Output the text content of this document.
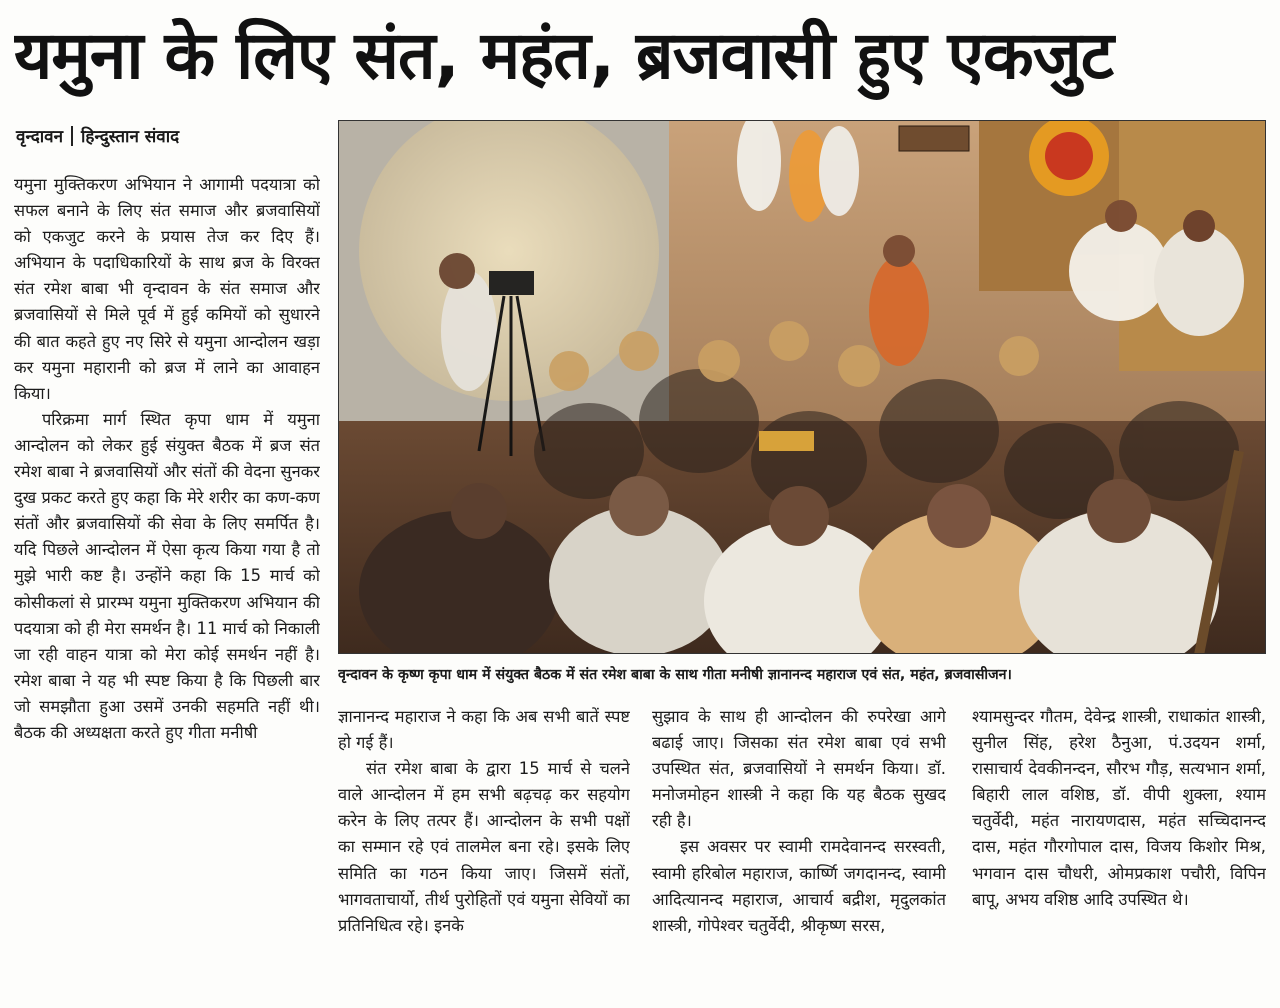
यमुना के लिए संत, महंत, ब्रजवासी हुए एकजुट
वृन्दावन हिन्दुस्तान संवाद

यमुना मुक्तिकरण अभियान ने आगामी पदयात्रा को सफल बनाने के लिए संत समाज और ब्रजवासियों को एकजुट करने के प्रयास तेज कर दिए हैं। अभियान के पदाधिकारियों के साथ ब्रज के विरक्त संत रमेश बाबा भी वृन्दावन के संत समाज और ब्रजवासियों से मिले पूर्व में हुई कमियों को सुधारने की बात कहते हुए नए सिरे से यमुना आन्दोलन खड़ा कर यमुना महारानी को ब्रज में लाने का आवाहन किया।

परिक्रमा मार्ग स्थित कृपा धाम में यमुना आन्दोलन को लेकर हुई संयुक्त बैठक में ब्रज संत रमेश बाबा ने ब्रजवासियों और संतों की वेदना सुनकर दुख प्रकट करते हुए कहा कि मेरे शरीर का कण-कण संतों और ब्रजवासियों की सेवा के लिए समर्पित है। यदि पिछले आन्दोलन में ऐसा कृत्य किया गया है तो मुझे भारी कष्ट है। उन्होंने कहा कि 15 मार्च को कोसीकलां से प्रारम्भ यमुना मुक्तिकरण अभियान की पदयात्रा को ही मेरा समर्थन है। 11 मार्च को निकाली जा रही वाहन यात्रा को मेरा कोई समर्थन नहीं है। रमेश बाबा ने यह भी स्पष्ट किया है कि पिछली बार जो समझौता हुआ उसमें उनकी सहमति नहीं थी। बैठक की अध्यक्षता करते हुए गीता मनीषी

वृन्दावन के कृष्ण कृपा धाम में संयुक्त बैठक में संत रमेश बाबा के साथ गीता मनीषी ज्ञानानन्द महाराज एवं संत, महंत, ब्रजवासीजन।

ज्ञानानन्द महाराज ने कहा कि अब सभी बातें स्पष्ट हो गई हैं।

संत रमेश बाबा के द्वारा 15 मार्च से चलने वाले आन्दोलन में हम सभी बढ़चढ़ कर सहयोग करेन के लिए तत्पर हैं। आन्दोलन के सभी पक्षों का सम्मान रहे एवं तालमेल बना रहे। इसके लिए समिति का गठन किया जाए। जिसमें संतों, भागवताचार्यो, तीर्थ पुरोहितों एवं यमुना सेवियों का प्रतिनिधित्व रहे। इनके

सुझाव के साथ ही आन्दोलन की रुपरेखा आगे बढाई जाए। जिसका संत रमेश बाबा एवं सभी उपस्थित संत, ब्रजवासियों ने समर्थन किया। डॉ. मनोजमोहन शास्त्री ने कहा कि यह बैठक सुखद रही है।

इस अवसर पर स्वामी रामदेवानन्द सरस्वती, स्वामी हरिबोल महाराज, कार्ष्णि जगदानन्द, स्वामी आदित्यानन्द महाराज, आचार्य बद्रीश, मृदुलकांत शास्त्री, गोपेश्वर चतुर्वेदी, श्रीकृष्ण सरस,

श्यामसुन्दर गौतम, देवेन्द्र शास्त्री, राधाकांत शास्त्री, सुनील सिंह, हरेश ठैनुआ, पं.उदयन शर्मा, रासाचार्य देवकीनन्दन, सौरभ गौड़, सत्यभान शर्मा, बिहारी लाल वशिष्ठ, डॉ. वीपी शुक्ला, श्याम चतुर्वेदी, महंत नारायणदास, महंत सच्चिदानन्द दास, महंत गौरगोपाल दास, विजय किशोर मिश्र, भगवान दास चौधरी, ओमप्रकाश पचौरी, विपिन बापू, अभय वशिष्ठ आदि उपस्थित थे।
